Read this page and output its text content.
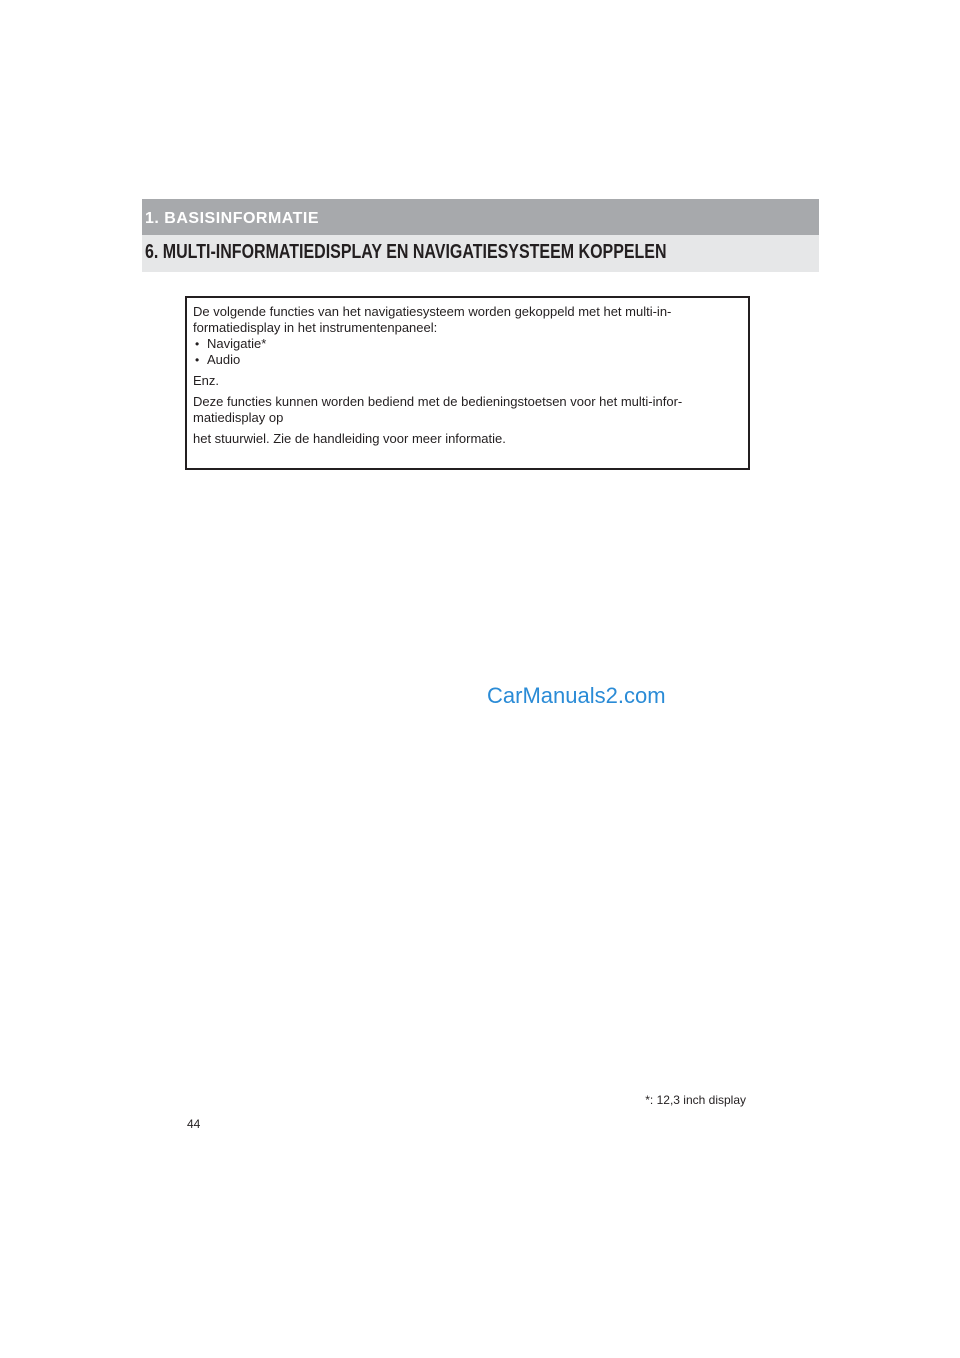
1. BASISINFORMATIE
6. MULTI-INFORMATIEDISPLAY EN NAVIGATIESYSTEEM KOPPELEN

De volgende functies van het navigatiesysteem worden gekoppeld met het multi-in-

formatiedisplay in het instrumentenpaneel:

• Navigatie*

• Audio

Enz.

Deze functies kunnen worden bediend met de bedieningstoetsen voor het multi-infor-

matiedisplay op

het stuurwiel. Zie de handleiding voor meer informatie.

CarManuals2.com
*: 12,3 inch display
44
